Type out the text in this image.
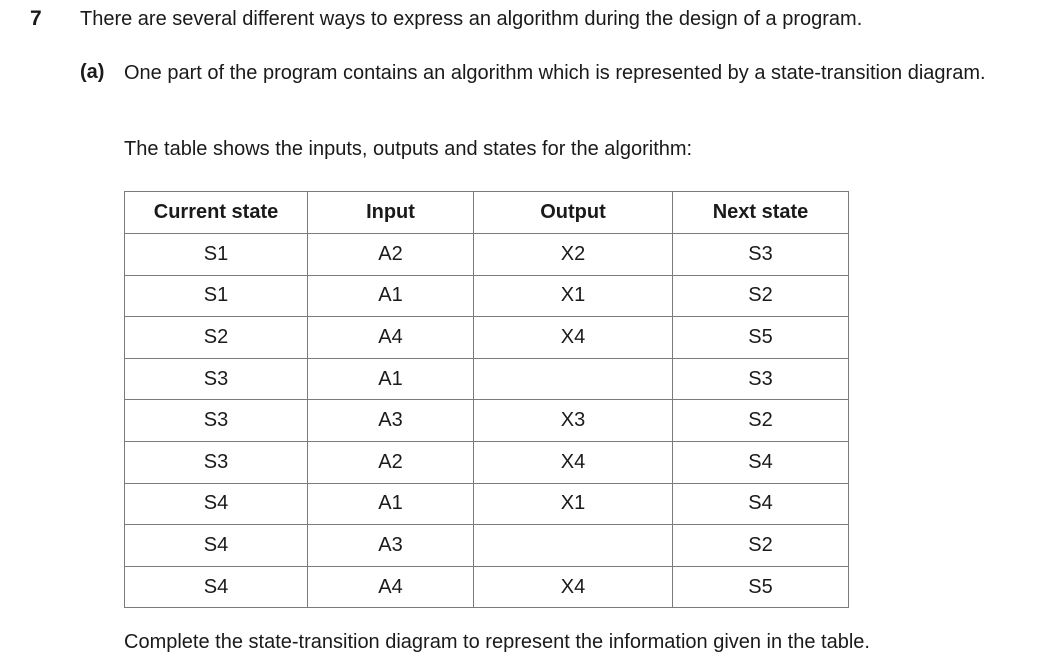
7 There are several different ways to express an algorithm during the design of a program.
(a) One part of the program contains an algorithm which is represented by a state-transition diagram.
The table shows the inputs, outputs and states for the algorithm:
Current state	Input	Output	Next state
S1	A2	X2	S3
S1	A1	X1	S2
S2	A4	X4	S5
S3	A1		S3
S3	A3	X3	S2
S3	A2	X4	S4
S4	A1	X1	S4
S4	A3		S2
S4	A4	X4	S5
Complete the state-transition diagram to represent the information given in the table.
